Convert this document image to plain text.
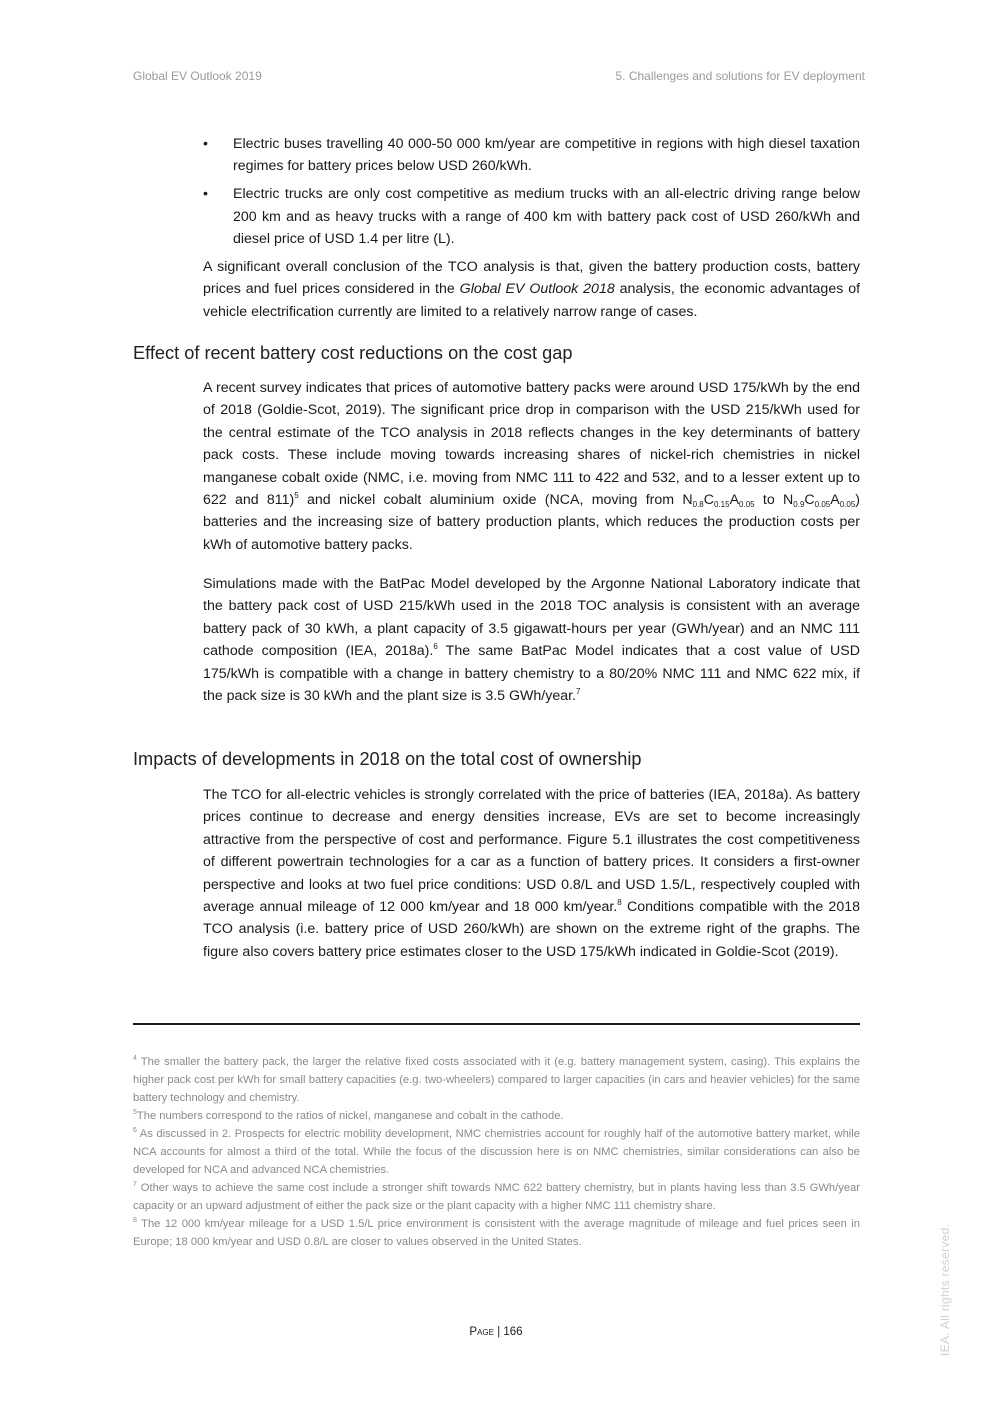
Global EV Outlook 2019	5. Challenges and solutions for EV deployment
• Electric buses travelling 40 000-50 000 km/year are competitive in regions with high diesel taxation regimes for battery prices below USD 260/kWh.
• Electric trucks are only cost competitive as medium trucks with an all-electric driving range below 200 km and as heavy trucks with a range of 400 km with battery pack cost of USD 260/kWh and diesel price of USD 1.4 per litre (L).

A significant overall conclusion of the TCO analysis is that, given the battery production costs, battery prices and fuel prices considered in the Global EV Outlook 2018 analysis, the economic advantages of vehicle electrification currently are limited to a relatively narrow range of cases.

Effect of recent battery cost reductions on the cost gap

A recent survey indicates that prices of automotive battery packs were around USD 175/kWh by the end of 2018 (Goldie-Scot, 2019). The significant price drop in comparison with the USD 215/kWh used for the central estimate of the TCO analysis in 2018 reflects changes in the key determinants of battery pack costs. These include moving towards increasing shares of nickel-rich chemistries in nickel manganese cobalt oxide (NMC, i.e. moving from NMC 111 to 422 and 532, and to a lesser extent up to 622 and 811)$^5$ and nickel cobalt aluminium oxide (NCA, moving from $N_{0.8}C_{0.15}A_{0.05}$ to $N_{0.9}C_{0.05}A_{0.05}$) batteries and the increasing size of battery production plants, which reduces the production costs per kWh of automotive battery packs.

Simulations made with the BatPac Model developed by the Argonne National Laboratory indicate that the battery pack cost of USD 215/kWh used in the 2018 TOC analysis is consistent with an average battery pack of 30 kWh, a plant capacity of 3.5 gigawatt-hours per year (GWh/year) and an NMC 111 cathode composition (IEA, 2018a).$^6$ The same BatPac Model indicates that a cost value of USD 175/kWh is compatible with a change in battery chemistry to a 80/20% NMC 111 and NMC 622 mix, if the pack size is 30 kWh and the plant size is 3.5 GWh/year.$^7$

Impacts of developments in 2018 on the total cost of ownership

The TCO for all-electric vehicles is strongly correlated with the price of batteries (IEA, 2018a). As battery prices continue to decrease and energy densities increase, EVs are set to become increasingly attractive from the perspective of cost and performance. Figure 5.1 illustrates the cost competitiveness of different powertrain technologies for a car as a function of battery prices. It considers a first-owner perspective and looks at two fuel price conditions: USD 0.8/L and USD 1.5/L, respectively coupled with average annual mileage of 12 000 km/year and 18 000 km/year.$^8$ Conditions compatible with the 2018 TCO analysis (i.e. battery price of USD 260/kWh) are shown on the extreme right of the graphs. The figure also covers battery price estimates closer to the USD 175/kWh indicated in Goldie-Scot (2019).

$^4$ The smaller the battery pack, the larger the relative fixed costs associated with it (e.g. battery management system, casing). This explains the higher pack cost per kWh for small battery capacities (e.g. two-wheelers) compared to larger capacities (in cars and heavier vehicles) for the same battery technology and chemistry.

$^5$The numbers correspond to the ratios of nickel, manganese and cobalt in the cathode.

$^6$ As discussed in 2. Prospects for electric mobility development, NMC chemistries account for roughly half of the automotive battery market, while NCA accounts for almost a third of the total. While the focus of the discussion here is on NMC chemistries, similar considerations can also be developed for NCA and advanced NCA chemistries.

$^7$ Other ways to achieve the same cost include a stronger shift towards NMC 622 battery chemistry, but in plants having less than 3.5 GWh/year capacity or an upward adjustment of either the pack size or the plant capacity with a higher NMC 111 chemistry share.

$^8$ The 12 000 km/year mileage for a USD 1.5/L price environment is consistent with the average magnitude of mileage and fuel prices seen in Europe; 18 000 km/year and USD 0.8/L are closer to values observed in the United States.

Page | 166	IEA. All rights reserved.
